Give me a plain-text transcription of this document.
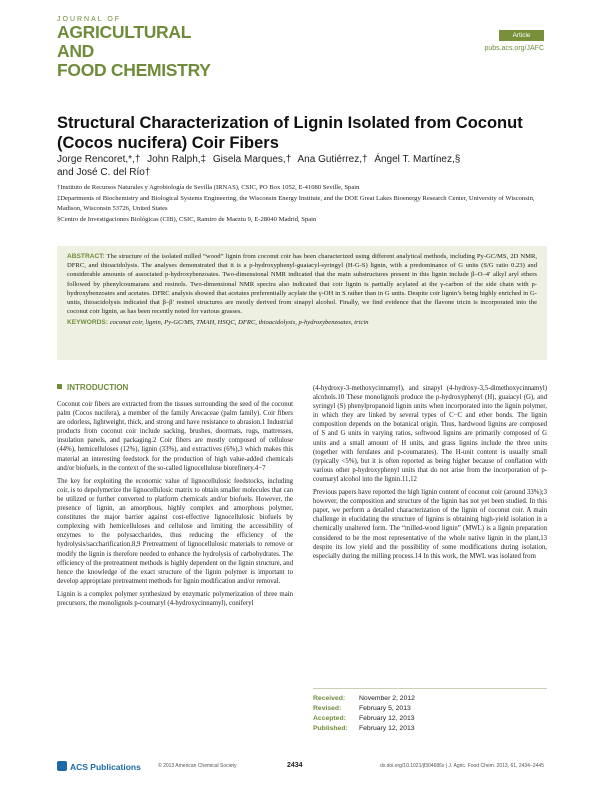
JOURNAL OF
AGRICULTURAL AND
FOOD CHEMISTRY
Article
pubs.acs.org/JAFC
Structural Characterization of Lignin Isolated from Coconut (Cocos nucifera) Coir Fibers
Jorge Rencoret,*,† John Ralph,‡ Gisela Marques,† Ana Gutiérrez,† Ángel T. Martínez,§
and José C. del Río†
†Instituto de Recursos Naturales y Agrobiología de Sevilla (IRNAS), CSIC, PO Box 1052, E-41080 Seville, Spain
‡Departments of Biochemistry and Biological Systems Engineering, the Wisconsin Energy Institute, and the DOE Great Lakes Bioenergy Research Center, University of Wisconsin, Madison, Wisconsin 53726, United States
§Centro de Investigaciones Biológicas (CIB), CSIC, Ramiro de Maeztu 9, E-28040 Madrid, Spain
ABSTRACT: The structure of the isolated milled “wood” lignin from coconut coir has been characterized using different analytical methods, including Py-GC/MS, 2D NMR, DFRC, and thioacidolysis. The analyses demonstrated that it is a p-hydroxyphenyl-guaiacyl-syringyl (H-G-S) lignin, with a predominance of G units (S/G ratio 0.23) and considerable amounts of associated p-hydroxybenzoates. Two-dimensional NMR indicated that the main substructures present in this lignin include β–O–4′ alkyl aryl ethers followed by phenylcoumarans and resinols. Two-dimensional NMR spectra also indicated that coir lignin is partially acylated at the γ-carbon of the side chain with p-hydroxybenzoates and acetates. DFRC analysis showed that acetates preferentially acylate the γ-OH in S rather than in G units. Despite coir lignin’s being highly enriched in G-units, thioacidolysis indicated that β–β′ resinol structures are mostly derived from sinapyl alcohol. Finally, we find evidence that the flavone tricin is incorporated into the coconut coir lignin, as has been recently noted for various grasses.
KEYWORDS: coconut coir, lignin, Py-GC/MS, TMAH, HSQC, DFRC, thioacidolysis, p-hydroxybenzoates, tricin
INTRODUCTION

Coconut coir fibers are extracted from the tissues surrounding the seed of the coconut palm (Cocos nucifera), a member of the family Arecaceae (palm family). Coir fibers are odorless, lightweight, thick, and strong and have resistance to abrasion.1 Industrial products from coconut coir include sacking, brushes, doormats, rugs, mattresses, insulation panels, and packaging.2 Coir fibers are mostly composed of cellulose (44%), hemicelluloses (12%), lignin (33%), and extractives (6%),3 which makes this material an interesting feedstock for the production of high value-added chemicals and/or biofuels, in the context of the so-called lignocellulose biorefinery.4−7

The key for exploiting the economic value of lignocellulosic feedstocks, including coir, is to depolymerize the lignocellulosic matrix to obtain smaller molecules that can be utilized or further converted to platform chemicals and/or biofuels. However, the presence of lignin, an amorphous, highly complex and amorphous polymer, constitutes the major barrier against cost-effective lignocellulosic biofuels by complexing with hemicelluloses and cellulose and limiting the accessibility of enzymes to the polysaccharides, thus reducing the efficiency of the hydrolysis/saccharification.8,9 Pretreatment of lignocellulosic materials to remove or modify the lignin is therefore needed to enhance the hydrolysis of carbohydrates. The efficiency of the pretreatment methods is highly dependent on the lignin structure, and hence the knowledge of the exact structure of the lignin polymer is important to develop appropriate pretreatment methods for lignin modification and/or removal.

Lignin is a complex polymer synthesized by enzymatic polymerization of three main precursors, the monolignols p-coumaryl (4-hydroxycinnamyl), coniferyl

(4-hydroxy-3-methoxycinnamyl), and sinapyl (4-hydroxy-3,5-dimethoxycinnamyl) alcohols.10 These monolignols produce the p-hydroxyphenyl (H), guaiacyl (G), and syringyl (S) phenylpropanoid lignin units when incorporated into the lignin polymer, in which they are linked by several types of C−C and ether bonds. The lignin composition depends on the botanical origin. Thus, hardwood lignins are composed of S and G units in varying ratios, softwood lignins are primarily composed of G units and a small amount of H units, and grass lignins include the three units (together with ferulates and p-coumarates). The H-unit content is usually small (typically <5%), but it is often reported as being higher because of conflation with various other p-hydroxyphenyl units that do not arise from the incorporation of p-coumaryl alcohol into the lignin.11,12

Previous papers have reported the high lignin content of coconut coir (around 33%);3 however, the composition and structure of the lignin has not yet been studied. In this paper, we perform a detailed characterization of the lignin of coconut coir. A main challenge in elucidating the structure of lignins is obtaining high-yield isolation in a chemically unaltered form. The “milled-wood lignin” (MWL) is a lignin preparation considered to be the most representative of the whole native lignin in the plant,13 despite its low yield and the possibility of some modifications during isolation, especially during the milling process.14 In this work, the MWL was isolated from

Received:	November 2, 2012
Revised:	February 5, 2013
Accepted:	February 12, 2013
Published:	February 12, 2013
ACS Publications	© 2013 American Chemical Society	2434	dx.doi.org/10.1021/jf304686x | J. Agric. Food Chem. 2013, 61, 2434−2445
